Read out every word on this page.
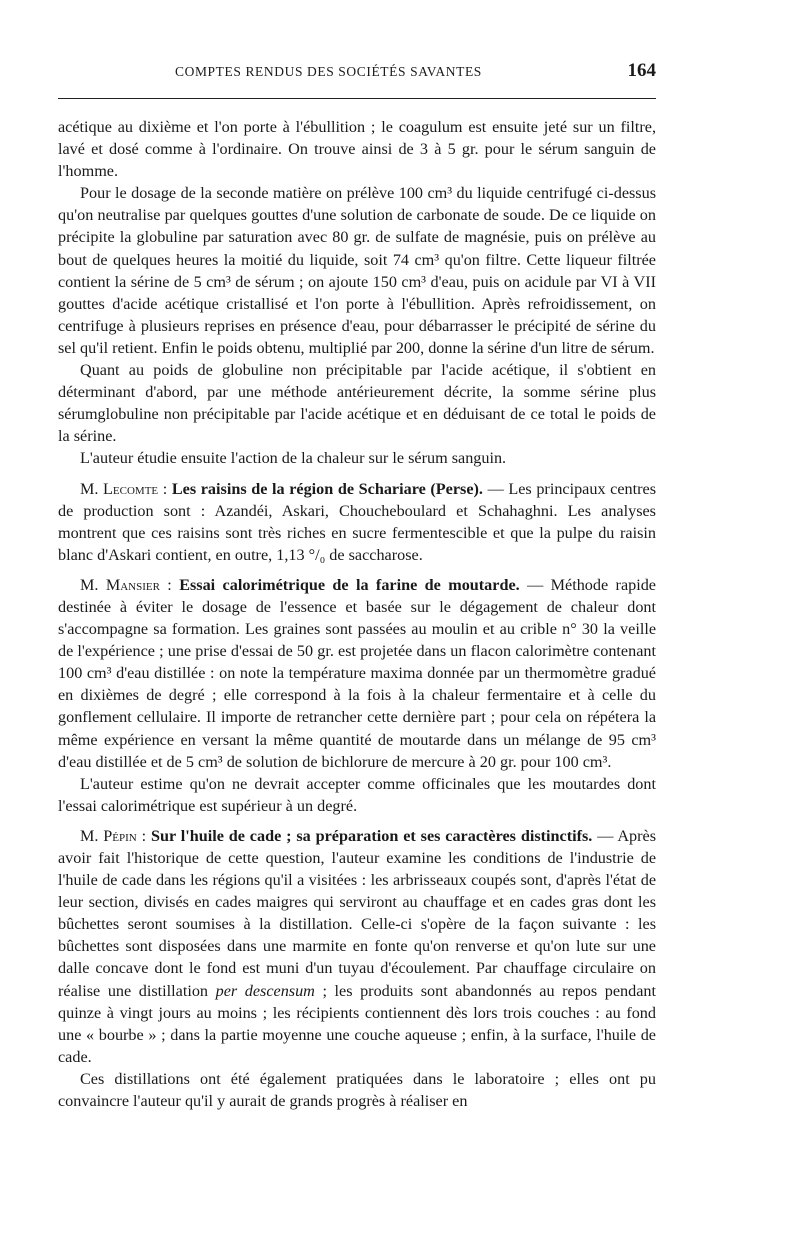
COMPTES RENDUS DES SOCIÉTÉS SAVANTES	164

acétique au dixième et l'on porte à l'ébullition ; le coagulum est ensuite jeté sur un filtre, lavé et dosé comme à l'ordinaire. On trouve ainsi de 3 à 5 gr. pour le sérum sanguin de l'homme.

Pour le dosage de la seconde matière on prélève 100 cm³ du liquide centrifugé ci-dessus qu'on neutralise par quelques gouttes d'une solution de carbonate de soude. De ce liquide on précipite la globuline par saturation avec 80 gr. de sulfate de magnésie, puis on prélève au bout de quelques heures la moitié du liquide, soit 74 cm³ qu'on filtre. Cette liqueur filtrée contient la sérine de 5 cm³ de sérum ; on ajoute 150 cm³ d'eau, puis on acidule par VI à VII gouttes d'acide acétique cristallisé et l'on porte à l'ébullition. Après refroidissement, on centrifuge à plusieurs reprises en présence d'eau, pour débarrasser le précipité de sérine du sel qu'il retient. Enfin le poids obtenu, multiplié par 200, donne la sérine d'un litre de sérum.

Quant au poids de globuline non précipitable par l'acide acétique, il s'obtient en déterminant d'abord, par une méthode antérieurement décrite, la somme sérine plus sérumglobuline non précipitable par l'acide acétique et en déduisant de ce total le poids de la sérine.

L'auteur étudie ensuite l'action de la chaleur sur le sérum sanguin.

M. Lecomte : Les raisins de la région de Schariare (Perse). — Les principaux centres de production sont : Azandéi, Askari, Choucheboulard et Schahaghni. Les analyses montrent que ces raisins sont très riches en sucre fermentescible et que la pulpe du raisin blanc d'Askari contient, en outre, 1,13 °/₀ de saccharose.

M. Mansier : Essai calorimétrique de la farine de moutarde. — Méthode rapide destinée à éviter le dosage de l'essence et basée sur le dégagement de chaleur dont s'accompagne sa formation. Les graines sont passées au moulin et au crible n° 30 la veille de l'expérience ; une prise d'essai de 50 gr. est projetée dans un flacon calorimètre contenant 100 cm³ d'eau distillée : on note la température maxima donnée par un thermomètre gradué en dixièmes de degré ; elle correspond à la fois à la chaleur fermentaire et à celle du gonflement cellulaire. Il importe de retrancher cette dernière part ; pour cela on répétera la même expérience en versant la même quantité de moutarde dans un mélange de 95 cm³ d'eau distillée et de 5 cm³ de solution de bichlorure de mercure à 20 gr. pour 100 cm³.

L'auteur estime qu'on ne devrait accepter comme officinales que les moutardes dont l'essai calorimétrique est supérieur à un degré.

M. Pépin : Sur l'huile de cade ; sa préparation et ses caractères distinctifs. — Après avoir fait l'historique de cette question, l'auteur examine les conditions de l'industrie de l'huile de cade dans les régions qu'il a visitées : les arbrisseaux coupés sont, d'après l'état de leur section, divisés en cades maigres qui serviront au chauffage et en cades gras dont les bûchettes seront soumises à la distillation. Celle-ci s'opère de la façon suivante : les bûchettes sont disposées dans une marmite en fonte qu'on renverse et qu'on lute sur une dalle concave dont le fond est muni d'un tuyau d'écoulement. Par chauffage circulaire on réalise une distillation per descensum ; les produits sont abandonnés au repos pendant quinze à vingt jours au moins ; les récipients contiennent dès lors trois couches : au fond une « bourbe » ; dans la partie moyenne une couche aqueuse ; enfin, à la surface, l'huile de cade.

Ces distillations ont été également pratiquées dans le laboratoire ; elles ont pu convaincre l'auteur qu'il y aurait de grands progrès à réaliser en
